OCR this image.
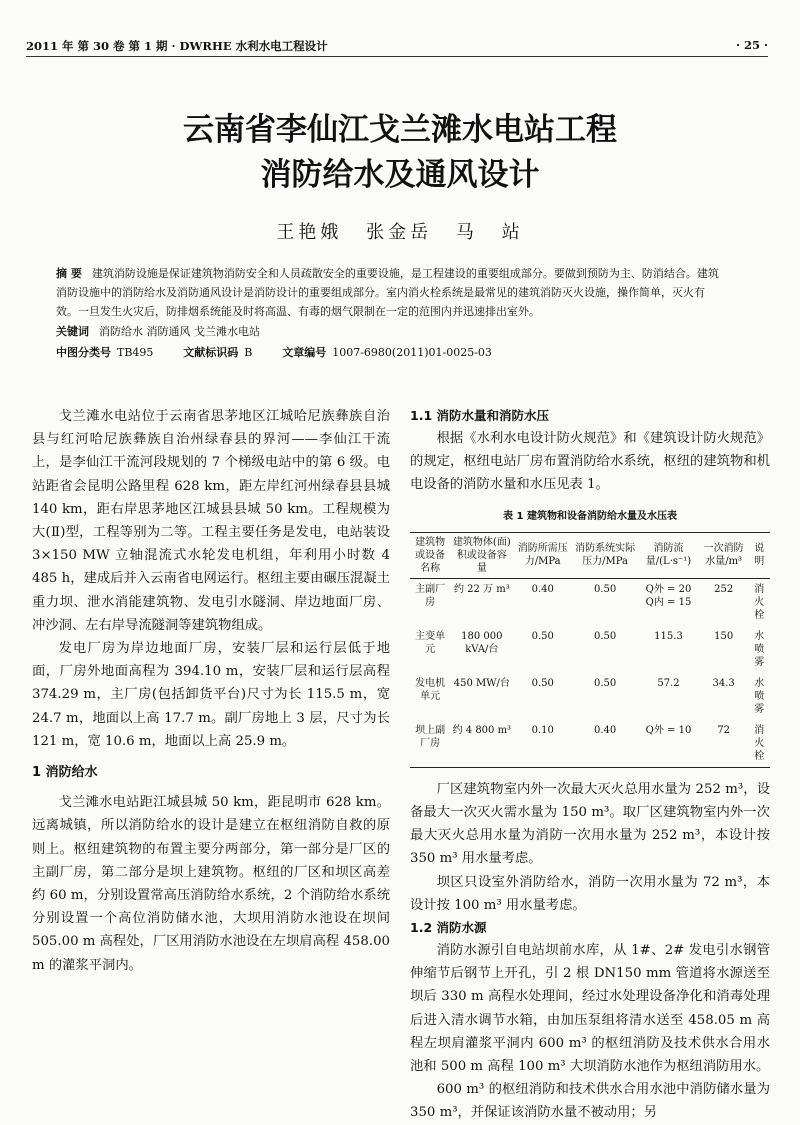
2011 年 第 30 卷 第 1 期 · DWRHE 水利水电工程设计	· 25 ·
云南省李仙江戈兰滩水电站工程
消防给水及通风设计
王艳娥 张金岳 马 站

摘 要 建筑消防设施是保证建筑物消防安全和人员疏散安全的重要设施，是工程建设的重要组成部分。要做到预防为主、防消结合。建筑消防设施中的消防给水及消防通风设计是消防设计的重要组成部分。室内消火栓系统是最常见的建筑消防灭火设施，操作简单，灭火有效。一旦发生火灾后，防排烟系统能及时将高温、有毒的烟气限制在一定的范围内并迅速排出室外。

关键词 消防给水 消防通风 戈兰滩水电站
中图分类号 TB495	文献标识码 B	文章编号 1007-6980(2011)01-0025-03

戈兰滩水电站位于云南省思茅地区江城哈尼族彝族自治县与红河哈尼族彝族自治州绿春县的界河——李仙江干流上，是李仙江干流河段规划的 7 个梯级电站中的第 6 级。电站距省会昆明公路里程 628 km，距左岸红河州绿春县县城 140 km，距右岸思茅地区江城县县城 50 km。工程规模为大(Ⅱ)型，工程等别为二等。工程主要任务是发电，电站装设 3×150 MW 立轴混流式水轮发电机组，年利用小时数 4 485 h，建成后并入云南省电网运行。枢纽主要由碾压混凝土重力坝、泄水消能建筑物、发电引水隧洞、岸边地面厂房、冲沙洞、左右岸导流隧洞等建筑物组成。

发电厂房为岸边地面厂房，安装厂层和运行层低于地面，厂房外地面高程为 394.10 m，安装厂层和运行层高程 374.29 m，主厂房(包括卸货平台)尺寸为长 115.5 m，宽 24.7 m，地面以上高 17.7 m。副厂房地上 3 层，尺寸为长 121 m，宽 10.6 m，地面以上高 25.9 m。

1 消防给水

戈兰滩水电站距江城县城 50 km，距昆明市 628 km。远离城镇，所以消防给水的设计是建立在枢纽消防自救的原则上。枢纽建筑物的布置主要分两部分，第一部分是厂区的主副厂房，第二部分是坝上建筑物。枢纽的厂区和坝区高差约 60 m，分别设置常高压消防给水系统，2 个消防给水系统分别设置一个高位消防储水池，大坝用消防水池设在坝间 505.00 m 高程处，厂区用消防水池设在左坝肩高程 458.00 m 的灌浆平洞内。

1.1 消防水量和消防水压

根据《水利水电设计防火规范》和《建筑设计防火规范》的规定，枢纽电站厂房布置消防给水系统，枢纽的建筑物和机电设备的消防水量和水压见表 1。

表 1 建筑物和设备消防给水量及水压表
建筑物或设备名称	建筑物体(面)积或设备容量	消防所需压力/MPa	消防系统实际压力/MPa	消防流量/(L·s⁻¹)	一次消防水量/m³	说明
主副厂房	约 22 万 m³	0.40	0.50	Q外 = 20
Q内 = 15	252	消火栓
主变单元	180 000 kVA/台	0.50	0.50	115.3	150	水喷雾
发电机单元	450 MW/台	0.50	0.50	57.2	34.3	水喷雾
坝上副厂房	约 4 800 m³	0.10	0.40	Q外 = 10	72	消火栓

厂区建筑物室内外一次最大灭火总用水量为 252 m³，设备最大一次灭火需水量为 150 m³。取厂区建筑物室内外一次最大灭火总用水量为消防一次用水量为 252 m³，本设计按 350 m³ 用水量考虑。

坝区只设室外消防给水，消防一次用水量为 72 m³，本设计按 100 m³ 用水量考虑。

1.2 消防水源

消防水源引自电站坝前水库，从 1#、2# 发电引水钢管伸缩节后钢节上开孔，引 2 根 DN150 mm 管道将水源送至坝后 330 m 高程水处理间，经过水处理设备净化和消毒处理后进入清水调节水箱，由加压泵组将清水送至 458.05 m 高程左坝肩灌浆平洞内 600 m³ 的枢纽消防及技术供水合用水池和 500 m 高程 100 m³ 大坝消防水池作为枢纽消防用水。

600 m³ 的枢纽消防和技术供水合用水池中消防储水量为 350 m³，并保证该消防水量不被动用；另
